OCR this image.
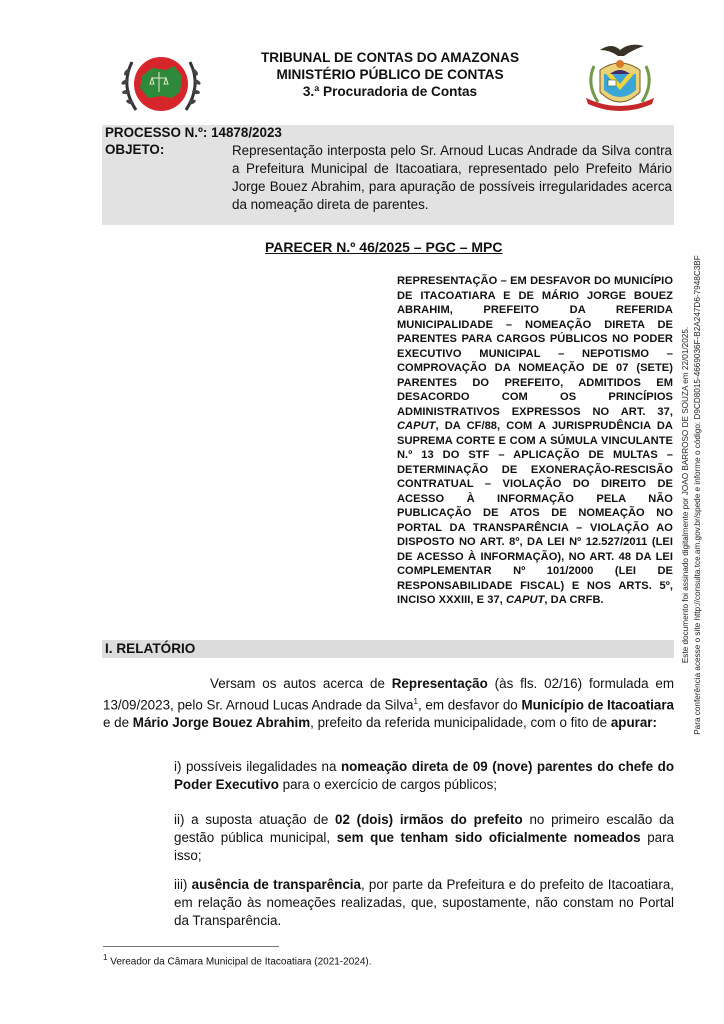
TRIBUNAL DE CONTAS DO AMAZONAS
MINISTÉRIO PÚBLICO DE CONTAS
3.ª Procuradoria de Contas
PROCESSO N.º: 14878/2023
OBJETO:	Representação interposta pelo Sr. Arnoud Lucas Andrade da Silva contra a Prefeitura Municipal de Itacoatiara, representado pelo Prefeito Mário Jorge Bouez Abrahim, para apuração de possíveis irregularidades acerca da nomeação direta de parentes.
PARECER N.º 46/2025 – PGC – MPC
REPRESENTAÇÃO – EM DESFAVOR DO MUNICÍPIO DE ITACOATIARA E DE MÁRIO JORGE BOUEZ ABRAHIM, PREFEITO DA REFERIDA MUNICIPALIDADE – NOMEAÇÃO DIRETA DE PARENTES PARA CARGOS PÚBLICOS NO PODER EXECUTIVO MUNICIPAL – NEPOTISMO – COMPROVAÇÃO DA NOMEAÇÃO DE 07 (SETE) PARENTES DO PREFEITO, ADMITIDOS EM DESACORDO COM OS PRINCÍPIOS ADMINISTRATIVOS EXPRESSOS NO ART. 37, CAPUT, DA CF/88, COM A JURISPRUDÊNCIA DA SUPREMA CORTE E COM A SÚMULA VINCULANTE N.º 13 DO STF – APLICAÇÃO DE MULTAS – DETERMINAÇÃO DE EXONERAÇÃO-RESCISÃO CONTRATUAL – VIOLAÇÃO DO DIREITO DE ACESSO À INFORMAÇÃO PELA NÃO PUBLICAÇÃO DE ATOS DE NOMEAÇÃO NO PORTAL DA TRANSPARÊNCIA – VIOLAÇÃO AO DISPOSTO NO ART. 8º, DA LEI Nº 12.527/2011 (LEI DE ACESSO À INFORMAÇÃO), NO ART. 48 DA LEI COMPLEMENTAR Nº 101/2000 (LEI DE RESPONSABILIDADE FISCAL) E NOS ARTS. 5º, INCISO XXXIII, E 37, CAPUT, DA CRFB.
I. RELATÓRIO
Versam os autos acerca de Representação (às fls. 02/16) formulada em 13/09/2023, pelo Sr. Arnoud Lucas Andrade da Silva$^1$, em desfavor do Município de Itacoatiara e de Mário Jorge Bouez Abrahim, prefeito da referida municipalidade, com o fito de apurar:
i) possíveis ilegalidades na nomeação direta de 09 (nove) parentes do chefe do Poder Executivo para o exercício de cargos públicos;
ii) a suposta atuação de 02 (dois) irmãos do prefeito no primeiro escalão da gestão pública municipal, sem que tenham sido oficialmente nomeados para isso;
iii) ausência de transparência, por parte da Prefeitura e do prefeito de Itacoatiara, em relação às nomeações realizadas, que, supostamente, não constam no Portal da Transparência.
$^1$ Vereador da Câmara Municipal de Itacoatiara (2021-2024).
Este documento foi assinado digitalmente por JOAO BARROSO DE SOUZA em 22/01/2025. Para conferência acesse o site http://consulta.tce.am.gov.br/spede e informe o código: D9CD8015-4669036F-B2A247D6-7948C3BF
